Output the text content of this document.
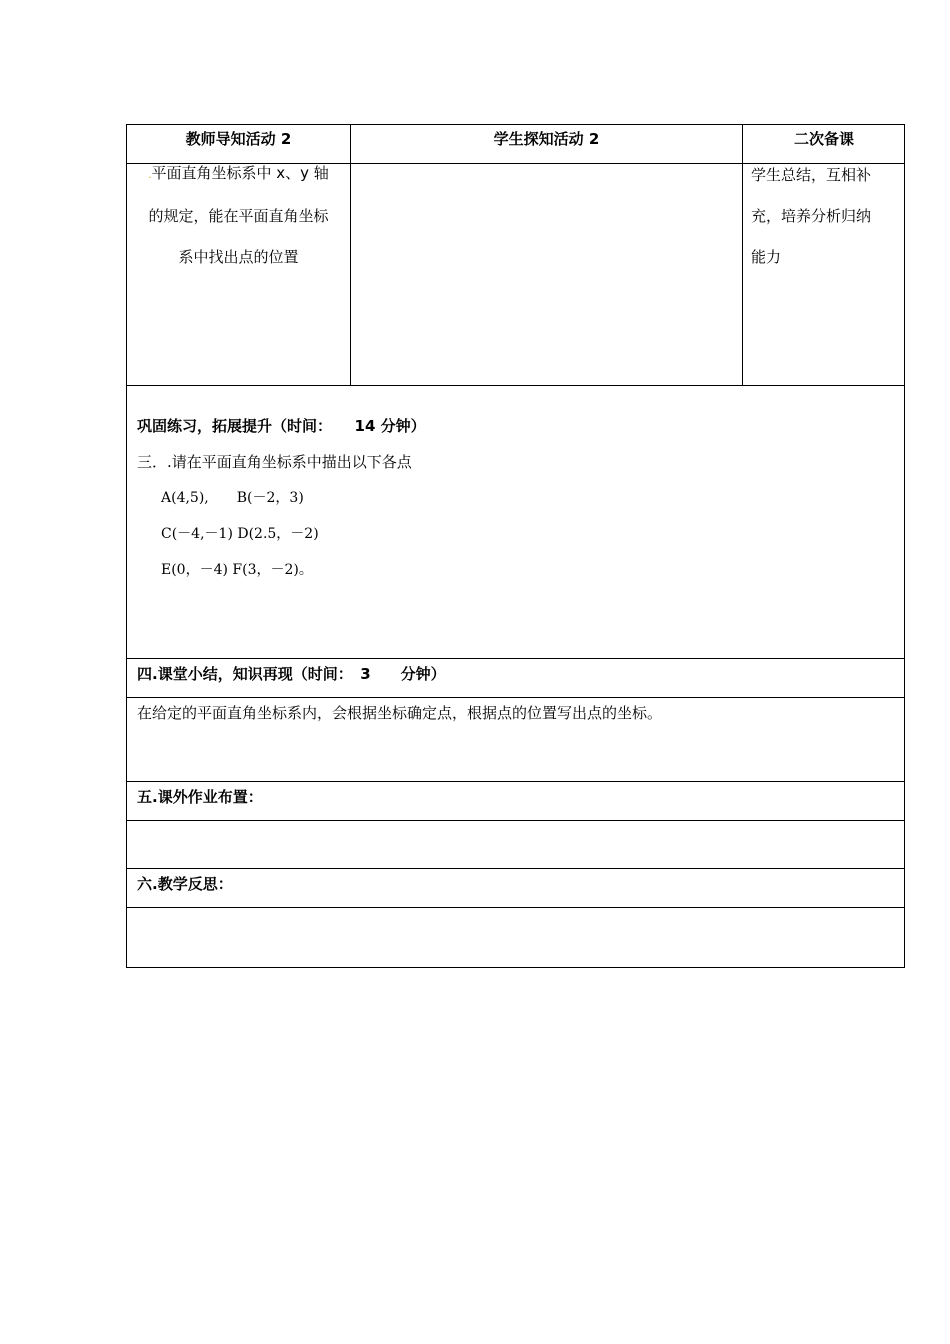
教师导知活动 2	学生探知活动 2	二次备课
.平面直角坐标系中 x、y 轴
的规定，能在平面直角坐标
系中找出点的位置
学生总结，互相补
充，培养分析归纳
能力
巩固练习，拓展提升（时间：　　14 分钟）
三．.请在平面直角坐标系中描出以下各点
A(4,5),　　B(－2，3)
C(－4,－1) D(2.5，－2)
E(0，－4) F(3，－2)。
四.课堂小结，知识再现（时间：　3　　分钟）
在给定的平面直角坐标系内，会根据坐标确定点，根据点的位置写出点的坐标。
五.课外作业布置：
六.教学反思：
